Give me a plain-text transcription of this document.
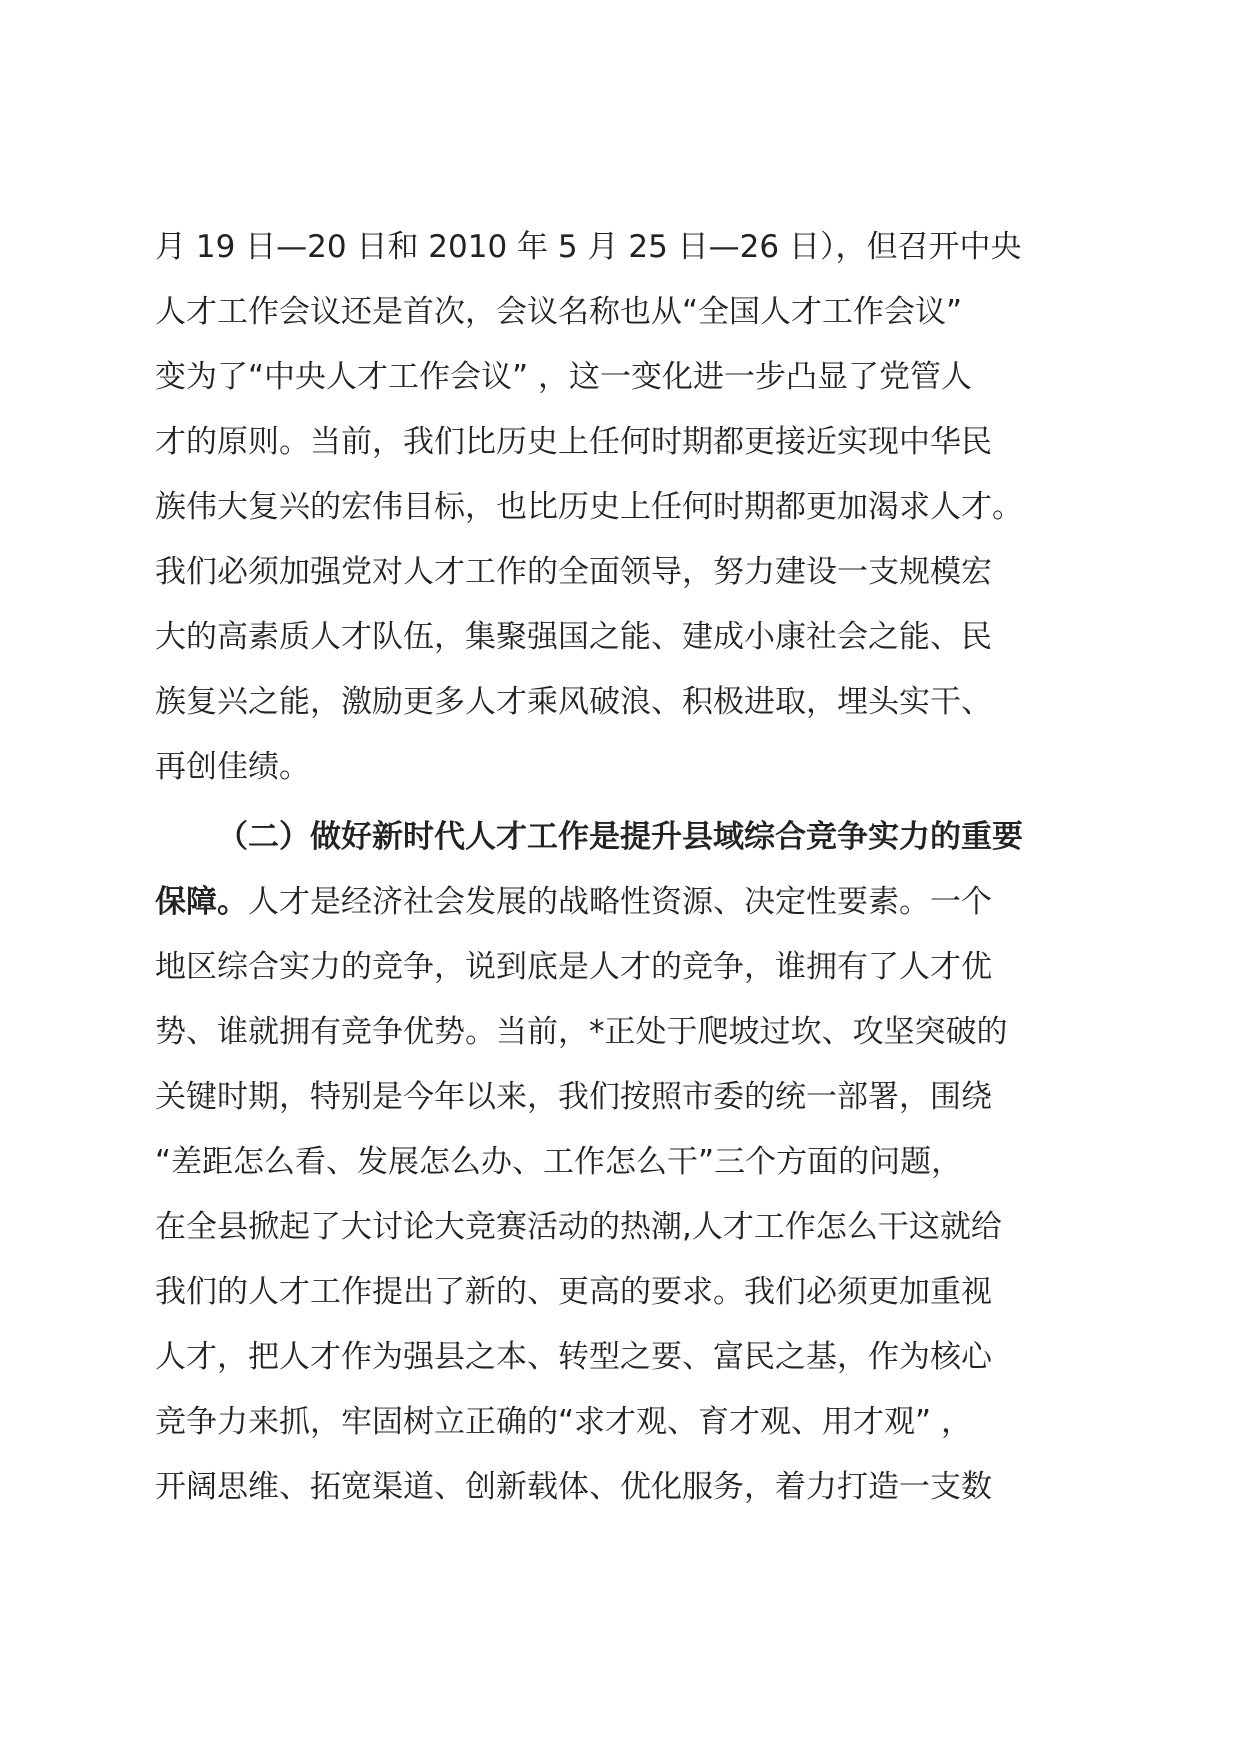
月 19 日—20 日和 2010 年 5 月 25 日—26 日），但召开中央
人才工作会议还是首次，会议名称也从“全国人才工作会议”
变为了“中央人才工作会议” ，这一变化进一步凸显了党管人
才的原则。当前，我们比历史上任何时期都更接近实现中华民
族伟大复兴的宏伟目标，也比历史上任何时期都更加渴求人才。
我们必须加强党对人才工作的全面领导，努力建设一支规模宏
大的高素质人才队伍，集聚强国之能、建成小康社会之能、民
族复兴之能，激励更多人才乘风破浪、积极进取，埋头实干、
再创佳绩。
（二）做好新时代人才工作是提升县域综合竞争实力的重要
保障。人才是经济社会发展的战略性资源、决定性要素。一个
地区综合实力的竞争，说到底是人才的竞争，谁拥有了人才优
势、谁就拥有竞争优势。当前，*正处于爬坡过坎、攻坚突破的
关键时期，特别是今年以来，我们按照市委的统一部署，围绕
“差距怎么看、发展怎么办、工作怎么干”三个方面的问题，
在全县掀起了大讨论大竞赛活动的热潮,人才工作怎么干这就给
我们的人才工作提出了新的、更高的要求。我们必须更加重视
人才，把人才作为强县之本、转型之要、富民之基，作为核心
竞争力来抓，牢固树立正确的“求才观、育才观、用才观” ，
开阔思维、拓宽渠道、创新载体、优化服务，着力打造一支数
